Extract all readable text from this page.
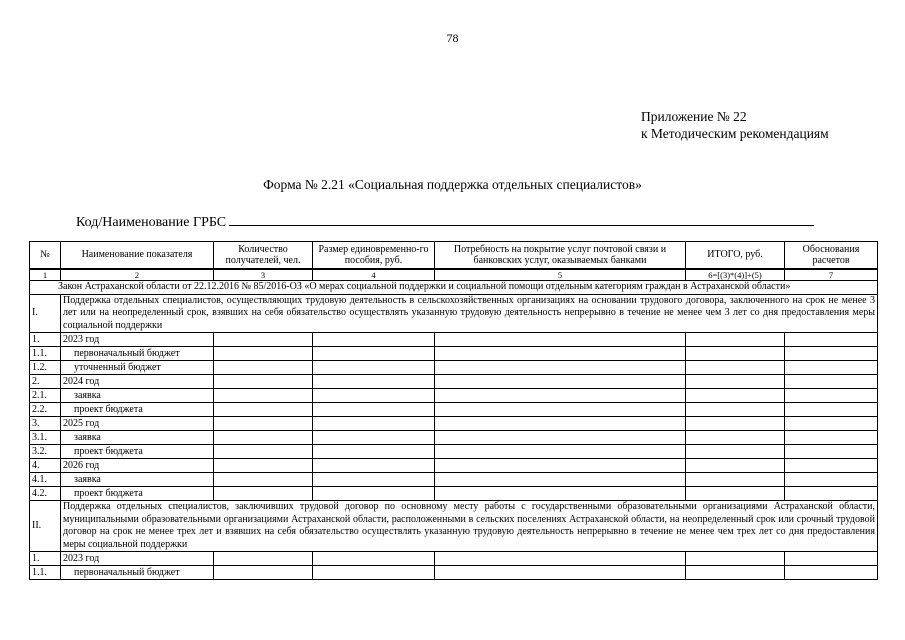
78
Приложение № 22
к Методическим рекомендациям
Форма № 2.21 «Социальная поддержка отдельных специалистов»
Код/Наименование ГРБС
№	Наименование показателя	Количество получателей, чел.	Размер единовременно-го пособия, руб.	Потребность на покрытие услуг почтовой связи и банковских услуг, оказываемых банками	ИТОГО, руб.	Обоснования расчетов
1	2	3	4	5	6=[(3)*(4)]+(5)	7
Закон Астраханской области от 22.12.2016 № 85/2016-ОЗ «О мерах социальной поддержки и социальной помощи отдельным категориям граждан в Астраханской области»						
I.	Поддержка отдельных специалистов, осуществляющих трудовую деятельность в сельскохозяйственных организациях на основании трудового договора, заключенного на срок не менее 3 лет или на неопределенный срок, взявших на себя обязательство осуществлять указанную трудовую деятельность непрерывно в течение не менее чем 3 лет со дня предоставления меры социальной поддержки					
1.	2023 год					
1.1.	первоначальный бюджет					
1.2.	уточненный бюджет					
2.	2024 год					
2.1.	заявка					
2.2.	проект бюджета					
3.	2025 год					
3.1.	заявка					
3.2.	проект бюджета					
4.	2026 год					
4.1.	заявка					
4.2.	проект бюджета					
II.	Поддержка отдельных специалистов, заключивших трудовой договор по основному месту работы с государственными образовательными организациями Астраханской области, муниципальными образовательными организациями Астраханской области, расположенными в сельских поселениях Астраханской области, на неопределенный срок или срочный трудовой договор на срок не менее трех лет и взявших на себя обязательство осуществлять указанную трудовую деятельность непрерывно в течение не менее чем трех лет со дня предоставления меры социальной поддержки					
1.	2023 год					
1.1.	первоначальный бюджет					
